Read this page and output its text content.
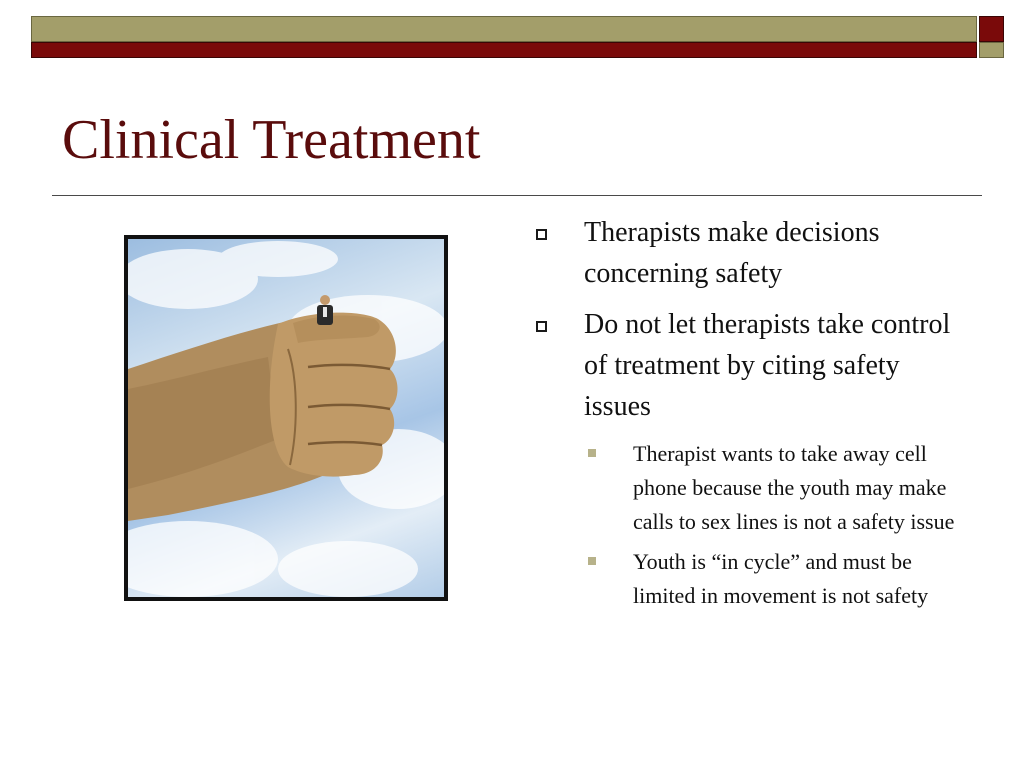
Clinical Treatment
Therapists make decisions concerning safety
Do not let therapists take control of treatment by citing safety issues
Therapist wants to take away cell phone because the youth may make calls to sex lines is not a safety issue
Youth is “in cycle” and must be limited in movement is not safety
